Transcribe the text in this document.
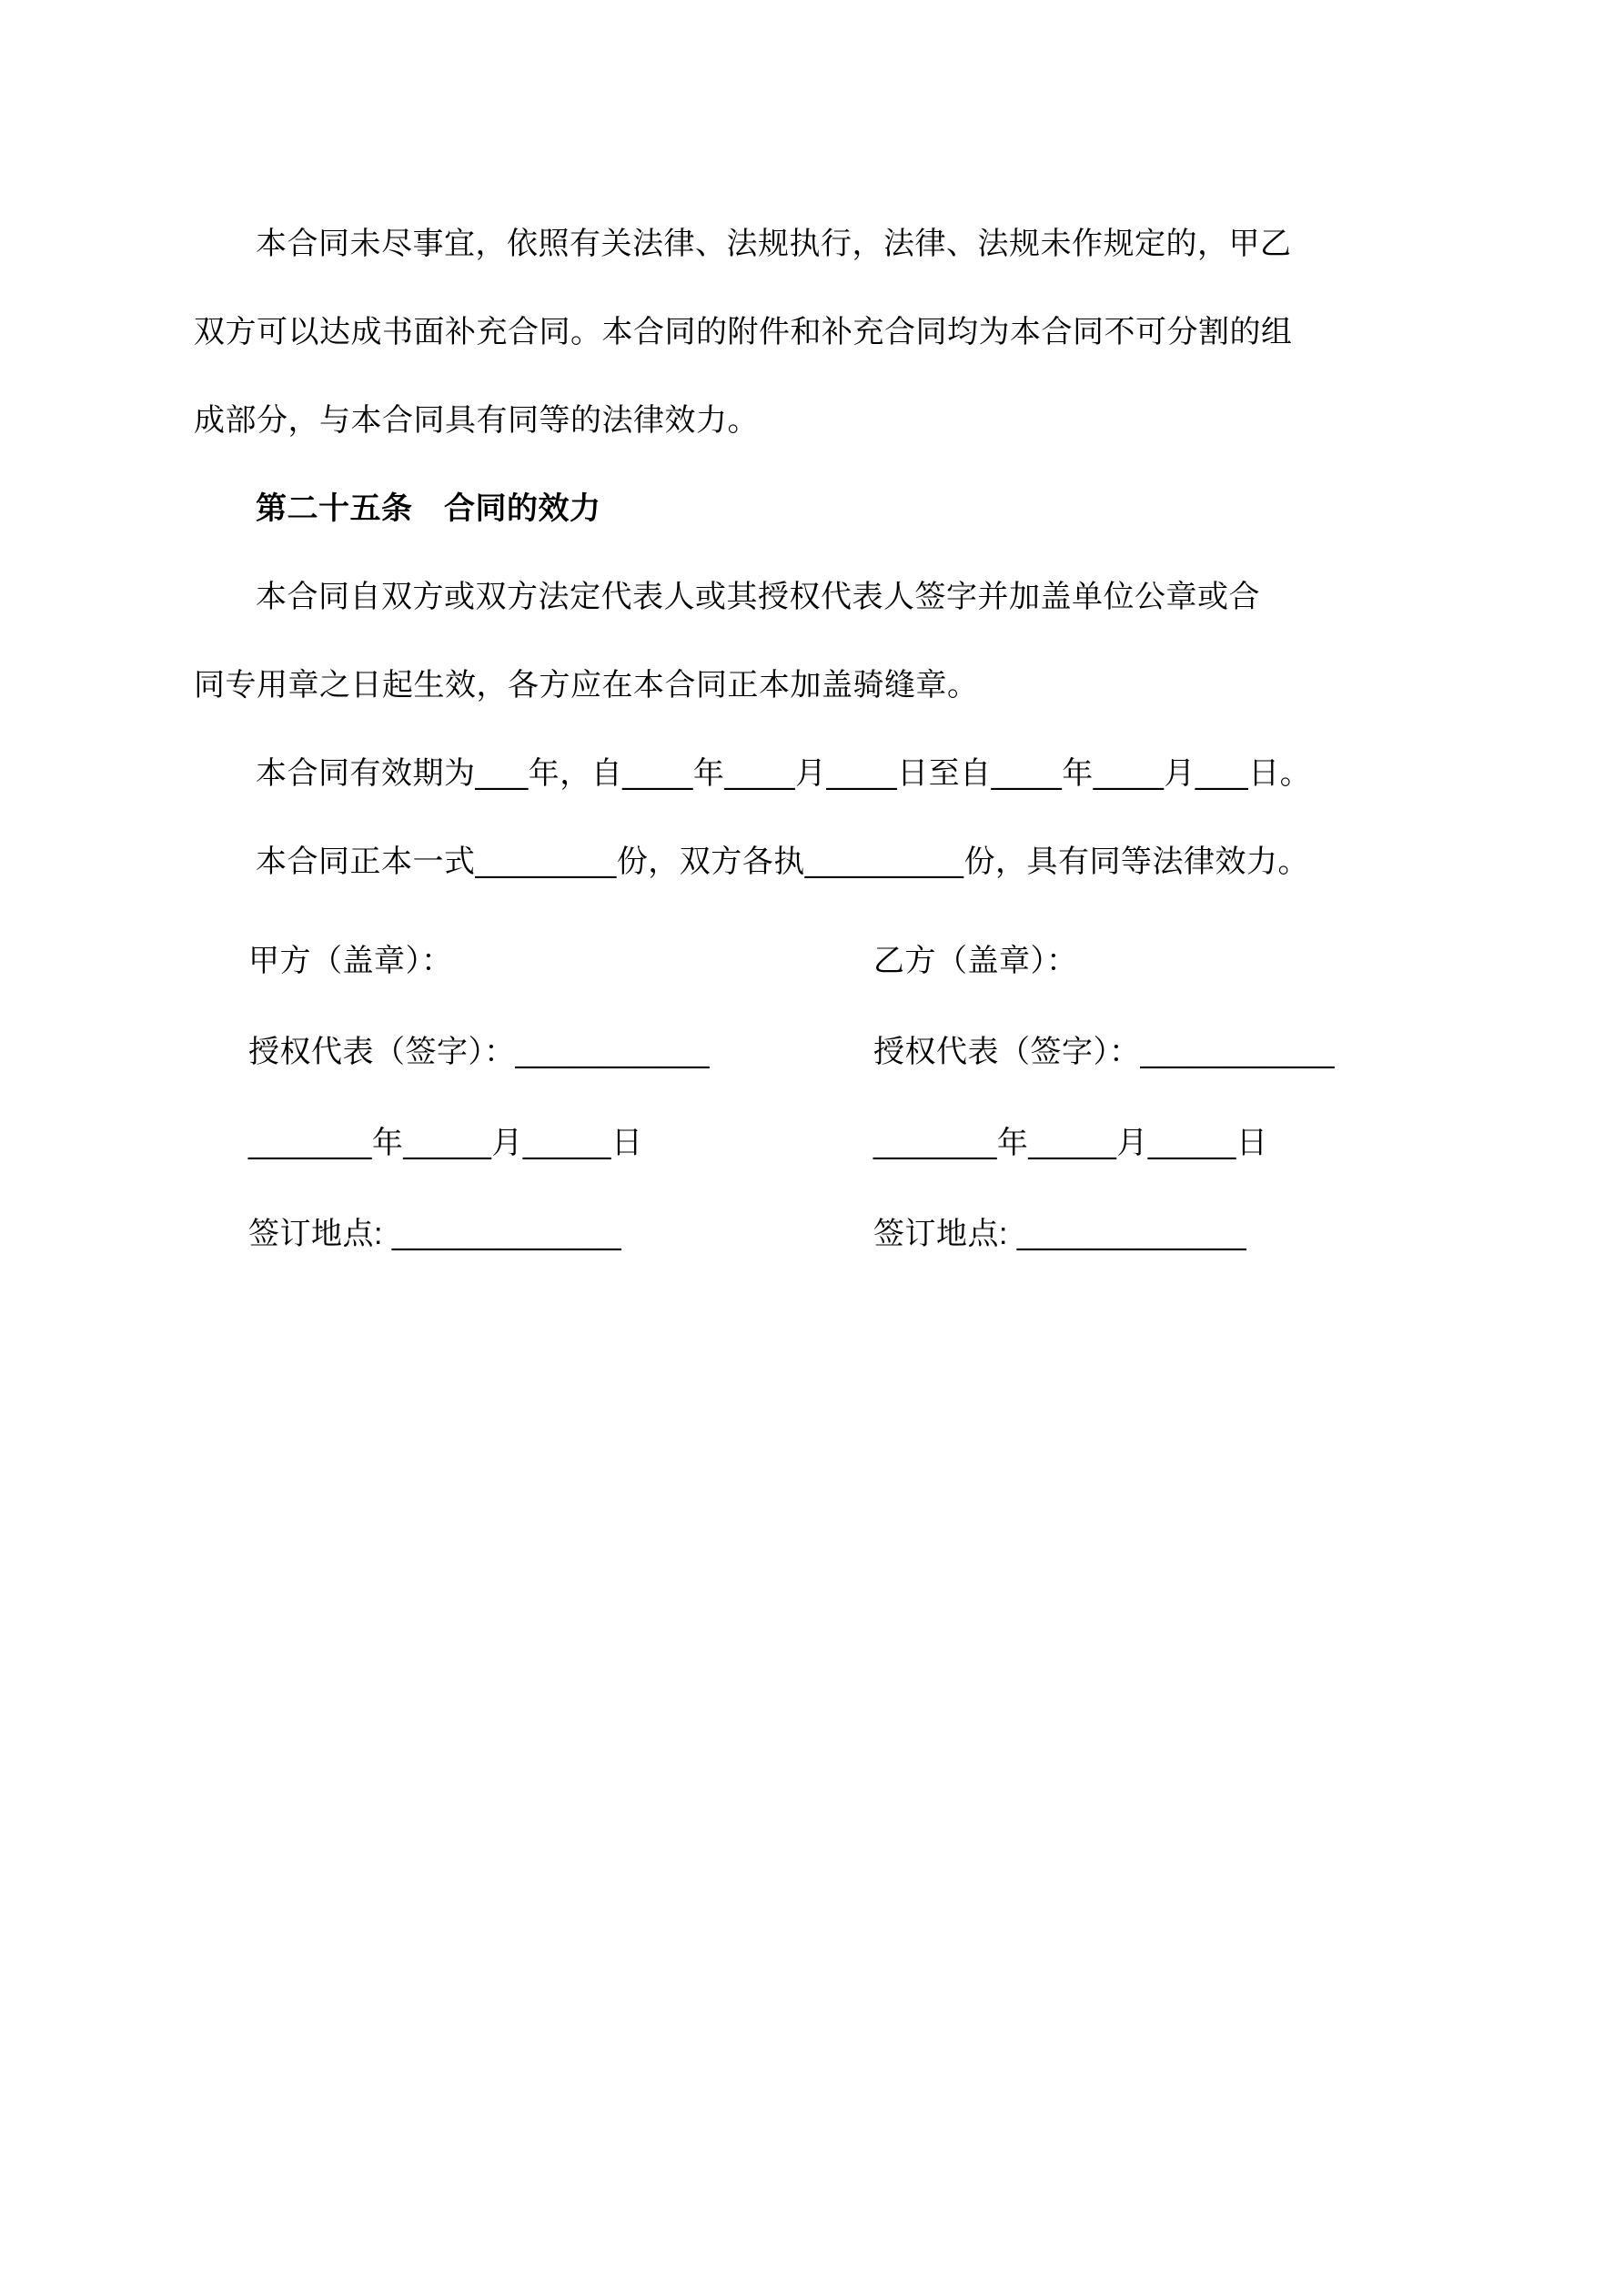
本合同未尽事宜，依照有关法律、法规执行，法律、法规未作规定的，甲乙
双方可以达成书面补充合同。本合同的附件和补充合同均为本合同不可分割的组
成部分，与本合同具有同等的法律效力。
第二十五条　合同的效力
本合同自双方或双方法定代表人或其授权代表人签字并加盖单位公章或合
同专用章之日起生效，各方应在本合同正本加盖骑缝章。
本合同有效期为___年，自____年____月____日至自____年____月___日。
本合同正本一式________份，双方各执_________份，具有同等法律效力。
甲方（盖章）：	乙方（盖章）：
授权代表（签字）：___________	授权代表（签字）：___________
_______年_____月_____日	_______年_____月_____日
签订地点: _____________	签订地点: _____________
